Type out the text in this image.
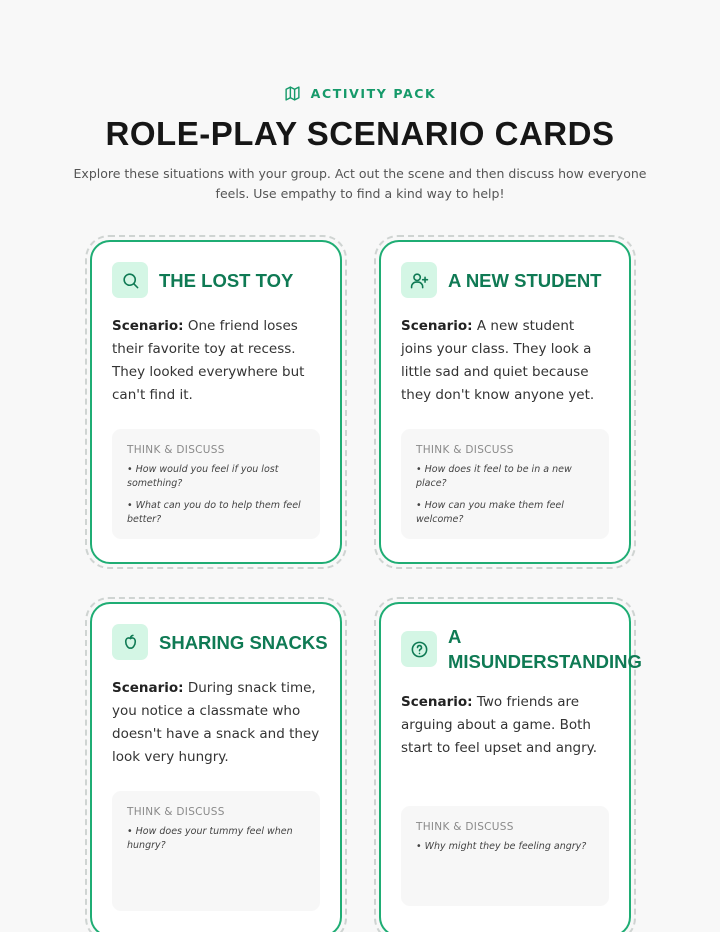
ACTIVITY PACK
ROLE-PLAY SCENARIO CARDS

Explore these situations with your group. Act out the scene and then discuss how everyone feels. Use empathy to find a kind way to help!

THE LOST TOY

Scenario: One friend loses their favorite toy at recess. They looked everywhere but can't find it.

THINK & DISCUSS
• How would you feel if you lost something?
• What can you do to help them feel better?
A NEW STUDENT

Scenario: A new student joins your class. They look a little sad and quiet because they don't know anyone yet.

THINK & DISCUSS
• How does it feel to be in a new place?
• How can you make them feel welcome?
SHARING SNACKS

Scenario: During snack time, you notice a classmate who doesn't have a snack and they look very hungry.

THINK & DISCUSS
• How does your tummy feel when hungry?
A
MISUNDERSTANDING

Scenario: Two friends are arguing about a game. Both start to feel upset and angry.

THINK & DISCUSS
• Why might they be feeling angry?
